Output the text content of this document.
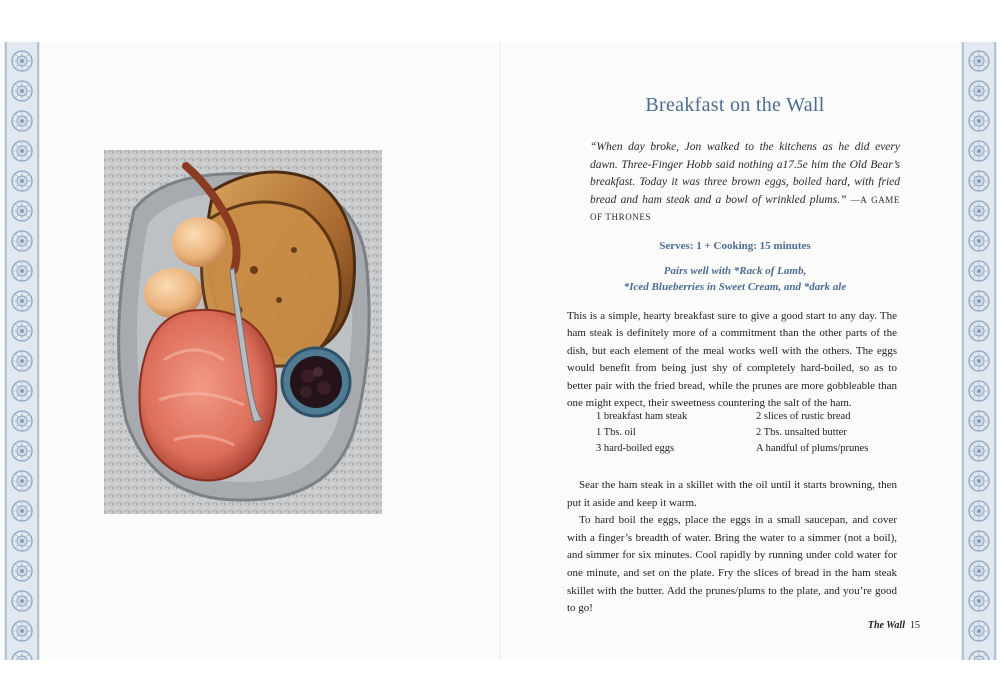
Breakfast on the Wall
“When day broke, Jon walked to the kitchens as he did every dawn. Three-Finger Hobb said nothing a17.5e him the Old Bear’s breakfast. Today it was three brown eggs, boiled hard, with fried bread and ham steak and a bowl of wrinkled plums.” —A GAME OF THRONES
Serves: 1 + Cooking: 15 minutes
Pairs well with *Rack of Lamb,
*Iced Blueberries in Sweet Cream, and *dark ale
This is a simple, hearty breakfast sure to give a good start to any day. The ham steak is definitely more of a commitment than the other parts of the dish, but each element of the meal works well with the others. The eggs would benefit from being just shy of completely hard-boiled, so as to better pair with the fried bread, while the prunes are more gobbleable than one might expect, their sweetness countering the salt of the ham.
1 breakfast ham steak
1 Tbs. oil
3 hard-boiled eggs
2 slices of rustic bread
2 Tbs. unsalted butter
A handful of plums/prunes

Sear the ham steak in a skillet with the oil until it starts browning, then put it aside and keep it warm.

To hard boil the eggs, place the eggs in a small saucepan, and cover with a finger’s breadth of water. Bring the water to a simmer (not a boil), and simmer for six minutes. Cool rapidly by running under cold water for one minute, and set on the plate. Fry the slices of bread in the ham steak skillet with the butter. Add the prunes/plums to the plate, and you’re good to go!

The Wall 15
